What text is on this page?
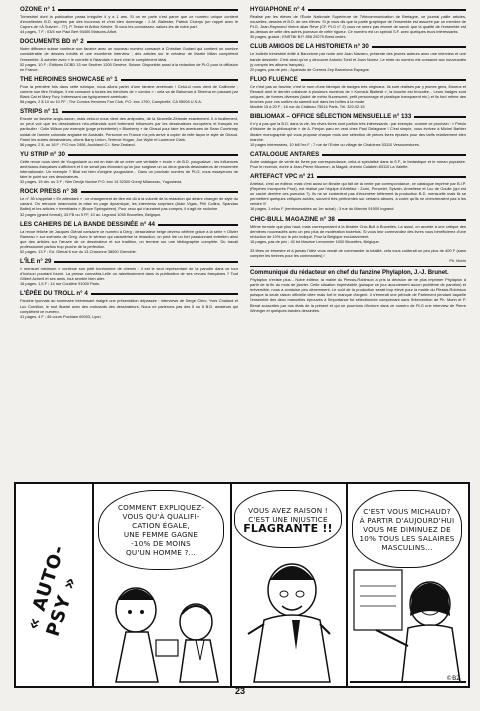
OZONE n° 1
Trimestriel dont la publication paraa irrégulier il y a 1 ans. Si on en parle c'est parce que ce numéro unique contient d'excellentes B.D. signées par des inconnus et c'est bien dommage : J.-M. Ballester, Patrick Cloerys (un rappel avec le Capors de «À Suivre» - 77), P. Tesse et Arthur Keishe. Si vous les connaissez, saluez-les de notre part.
44 pages, 7 F ; 03/4 rue Paul Bert 94400 Maisons-Alfort.
DOCUMENTS BD n° 2
Notre diffuseur suisse continue son fanzine avec un nouveau numéro consacré à Christian Godard qui contient un nombre considérable de dessins inédits et une excellente interview ; des articles sur le créateur de Martin Milan complètent l'ensemble. À acheter avec « le cornelle à l'islandais » dont c'est le complément idéal.
52 pages, 10 F ; Éditions DCBD 13 rue Seuther 1205 Genève, Suisse. Disponible aussi à la rédaction de PLG pour la diffusion en France.
THE HEROINES SHOWCASE n° 1
Pour la première fois dans cette rubrique, nous allons parler d'une fanzine américain ! Celui-ci nous vient de Californie ; comme son titre l'indique, il est consacré à toutes les héroïnes de « comics » : cela va de Balroman à Sheena en passant par Black Cat et Mary Fury. Intéressant car typiquement américain.
56 pages, 2 $ 10 ou 10 FF ; The Comics Heroines Fan Club, P.O. box 1790, Campbellé, CA 95008 U.S.A.
STRIPS n° 11
Encore un fanzine anglo-saxon, mais celui-ci nous vient des antipodes, de la Nouvelle-Zélande exactement. Il a fouillement, on peut voir que les dessinateurs néo-zélandais sont fortement influencés par les dessinateurs européens et français en particulier : Colin Wilson par exemple (page précédente) « Blueberry » de Giraud pour faire les aventures de Sean Courtenay soldat de l'armée coloniale anglaise en Australie. Personne en France n'a pris arrivé à copier de telle façon le style de Giraud. Parmi les autres dessinateurs, citons Barry Linton, Terence Hogan, Joe Wylie et Laurence Clark.
56 pages, 2 $, ou 16 F ; P.O box 2406, Auckland C.I. New Zealand.
YU STRIP n° 30
Cette revue nous vient de Yougoslavie ou est en train de se créer une véritable « école » de B.D. yougoslave ; les influences américano-françaises s'affichent et il ne serait pas étonnant qu'un jour surgisse un ou deux grands dessinateurs de renommée internationale. Un exemple ? Bilal est bien d'origine yougoslave... Dans un prochain numéro de PLG, nous essayerons de faire le point sur ces dessinateurs.
32 pages, 15 din. ou 3 F ; Nim Decije Novine P.O. box 14 32300 Gornji Milanovac, Yugoslavia.
ROCK PRESS n° 38
Le n° 35 s'appelait « En attendant » : ce changement de titre est dû à la volonté de la rédaction qui désire changer de style du canard. On retrouve néanmoins la mise en page dynamique, les interviews surprises (Alain Vigas, Phil Collins, Spandau Ballet) et les articles « tremblants » (Bruce Springsteen). Pour ceux qui n'auraient pas compris, il s'agit de rockzine.
32 pages (grand format), 33 FB ou 5 FF, 10 av. Legrand 1050 Bruxelles, Belgique.
LES CAHIERS DE LA BANDE DESSINÉE n° 44
La revue fétiche de Jacques Glénat consacre ce numéro à Derg ; dessinateur belge devenu célèbre grâce à la série « Olivier Rameau » sur scénario de Greg. Avec le sérieux qui caractérise la rédaction, on peut lire un fort passionnant entretien ainsi que des articles sur l'œuvre de ce dessinateur et sur tradition, on termine sur une bibliographie complète. Du travail professionnel parfois trop proche de la perfection.
52 pages, 13 F ; Ed. Glénat 6 rue du 13-Charonne 38000 Grenoble.
L'ÎLE n° 29
« mensuel minimum » continue son petit bonhomme de chemin : il est le seul représentant de la parodie dans ce tour d'horizon pourtant fourni. La presse connaîtra-t-elle un ralentissement dans la publication de ses revues françaises ? Tout Gilbert Acherli et ses amis, tout semble bien aller.
16 pages, 1,5 F ; 14 rue Coutière 91000 Paris.
L'ÉPÉE DU TROLL n° 4
Fanzine lyonnais au sommaire intéressant malgré une présentation dépassée : interviews de Serge Clerc, Yves Chaland et Luc Cornillon, le tout illustré avec des croboards des dessinateurs. Nous ne parlerons pas des 5 ou 6 B.D. amateurs qui complètent ce numéro.
41 pages, 4 F ; 46 cours Puchiam 69003, Lyon.
HYGIAPHONE n° 4
Réalisé par les élèves de l'École Nationale Supérieure de Télécommunication de Bretagne, ce journal pallie articles, nouvelles, dessins et B.D. de ces élèves. Si je vous dis que la partie graphique de l'ensemble est assurée par un membre de PLG, Jean-Raymond Vieirre alias Rève (CF. PLG n° 2) vous ne serez pas étonné de savoir que la qualité de l'ensemble est au-dessus de celle des autres journaux de cette rigueur. Ce numéro est un spécial S.F. avec quelques trucs intéressants.
30 pages, gratuit ; ENSTBr B.P. 856 29279 Brest cedex.
CLUB AMIGOS DE LA HISTORIETA n° 30
Le bulletin trimestriel édité à Barcelone par notre ami Joan Navarro, présente des jeunes auteurs avec une interview et une bande dessinée. C'est ainsi qu'on y découvre Antonio Torid et Joan Nonez. Le reste du numéro est consacré aux nouveautés (y compris les albums français).
20 pages, pas de prix ; Apartado de Correos 2ep Barcelona Espagne.
FLUO FLUENCE
Ce n'est pas un fanzine, c'est le nom d'une fabrique de badges très originaux. Ils sont réalisés par y jeunes gens, Mureux et Renault dont le dernier collabore à plusieurs numéros de « Komzuk Bisitesti », la bouche est brocolée... Leurs badges sont uniques, de formes diverses (lacké de métro fluorescent, petit personnage et plastique transparent etc.) et ils font même des broches pour vos sorties du samedi soir dans les boîtes à la mode.
Modèle 15 à 20 F ; 16 rue du Château 75014 Paris. Tél. 320.02.15
BIBLIOMAX – OFFICE SÉLECTION MENSUELLE n° 133
Il n'y a pas que la B.D. dans la vie, les rêves livres sont parfois très intéressants : par exemple, comme ce prochain : « Précis d'histoire de la philosophie » de A. Penjon paru en veut chez Paul Delagrave ! C'est simple, vous écrivez à Michel Barbier libraire monographie qui vous propose chaque mois une sélection de pièces livres épuisés pour des tarifs relativement bien marché.
10 pages Intéressées, 10 bill l'ex F ; 7 rue de l'Entre ou village de Chaloines 53110 Vesoucestures.
CATALOGUE ANTARES
Autre catalogue de vente de livres par correspondance, celui-ci spécialisé dans la S.F., le fantastique et le roman populaire. Pour le recevoir, écrire à Jean-Pierre Moumon, la Magali, chemin Culabrin 83110 La Valette.
ARTEFACT VPC n° 21
Artefact, c'est un éditeur, mais c'est aussi un libraire qui fait de la vente par correspondance, ce catalogue imprimé par B.I.P. (Repères Incorporés Prod), est réalisé par l'équipe d'Artefact : Zorin, Poncelet, Sylvain, Anneliese et Luc de Goulle (qui est un caché derrière ces pseudos ?). Ils ne se contentent pas d'énumérer bêtement la production B.D. mensuelle mais ils se permettent quelques critiques acides, souvent très pertinentes sur certains albums, à croire qu'ils ne chercheraient pas à les vendre !!!
16 pages, 1 et/ou F (remboursables au 1er achat) ; 3 rue du Marché 91900 Ingrand.
CHIC-BULL MAGAZINE n° 38
Même formule que plus haut, mais correspondant à la librairie Chic-Bull à Bruxelles. La aussi, on accède à une critique des dernières nouveautés avec un peu plus de modération toutefois. Si vous leur commandez des livres vous bénéficierez d'une réduction de 10% sur le prix indiqué. Pour la Belgique exclusivement.
16 pages, pas de prix ; 40 bd Maurice Lemonnier 1000 Bruxelles, Belgique.
33 titres ce trimestre et à jamais l'idée vous venait de commander la totalité, cela vous coûterait un peu plus de 400 F (sans compter les timbres pour les commandes) !
Ph. Morin
Communiqué du rédacteur en chef du fanzine Phylaplon, J.-J. Brunet.
Phylaplon n'existe plus... Notre éditeur, la mairie du Plessis-Robinson a pris la décision de ne plus imprimer Phylaplon à partir de la fin du mois de janvier. Cette situation imprévisible (puisque ce jour aucunement aucun problème de parution) et irréversible, nous a conduise peu décemment. Le coût de la production serait trop élevé pour la mairie du Plessis-Robinson puisque la seule raison officielle citée mais fort le manque d'argent. Il s'émerait une période de Parlement pendant laquelle l'ensemble des deux manuelles éprouvés à l'importance fut sélectionnée comprenant sans l'intervention de Ph. Morin et P. Birnat souscrites par nos états de la présent et qui ne pourrions d'inclure dans ce numéro de PLG une interview de Pierre Wininger et quelques bandes dessinées.
« AUTO-PSY »
COMMENT EXPLIQUEZ-
VOUS QU'À QUALIFI-
CATION ÉGALE,
UNE FEMME GAGNE
-10% DE MOINS
QU'UN HOMME ?...
VOUS AVEZ RAISON !
C'EST UNE INJUSTICE
FLAGRANTE !!
C'EST VOUS MICHAUD?
À PARTIR D'AUJOURD'HUI
VOUS ME DIMINUEZ DE
10% TOUS LES SALAIRES
MASCULINS...
©B2
23
